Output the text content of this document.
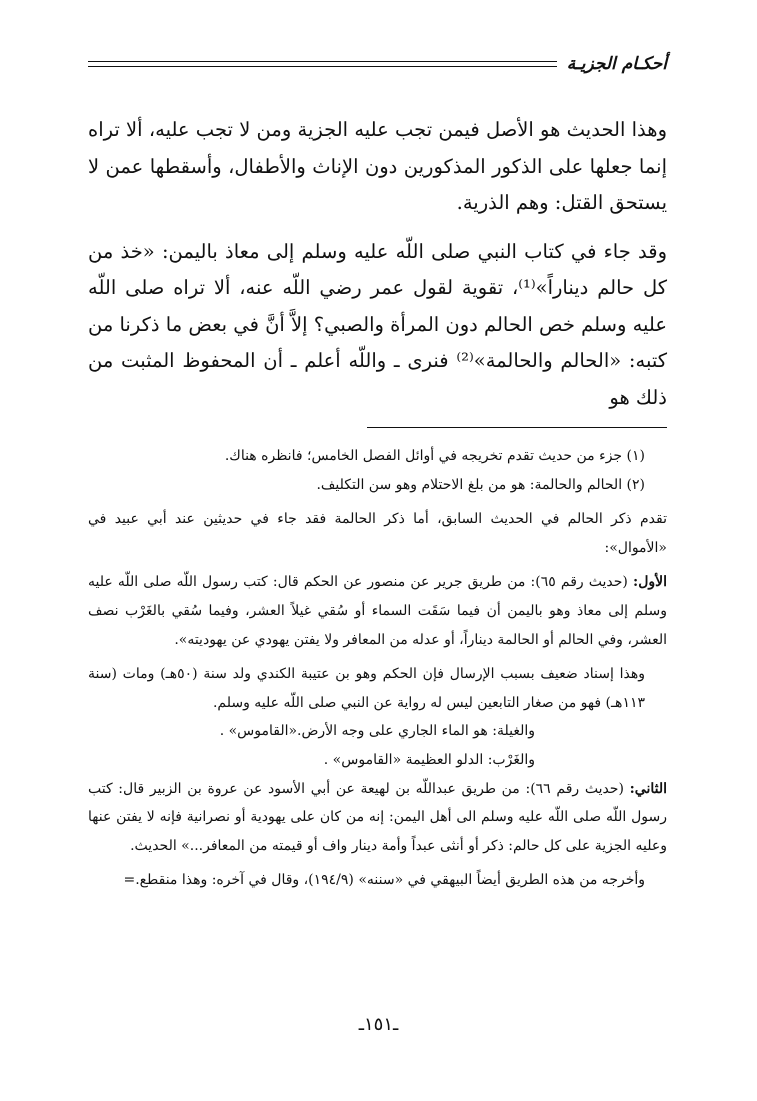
أحكـام الجزيـة

وهذا الحديث هو الأصل فيمن تجب عليه الجزية ومن لا تجب عليه، ألا تراه إنما جعلها على الذكور المذكورين دون الإناث والأطفال، وأسقطها عمن لا يستحق القتل: وهم الذرية.

وقد جاء في كتاب النبي صلى اللّه عليه وسلم إلى معاذ باليمن: «خذ من كل حالم ديناراً»⁽¹⁾، تقوية لقول عمر رضي اللّه عنه، ألا تراه صلى اللّه عليه وسلم خص الحالم دون المرأة والصبي؟ إلاَّ أنَّ في بعض ما ذكرنا من كتبه: «الحالم والحالمة»⁽²⁾ فنرى ـ واللّه أعلم ـ أن المحفوظ المثبت من ذلك هو

(١) جزء من حديث تقدم تخريجه في أوائل الفصل الخامس؛ فانظره هناك.

(٢) الحالم والحالمة: هو من بلغ الاحتلام وهو سن التكليف.

تقدم ذكر الحالم في الحديث السابق، أما ذكر الحالمة فقد جاء في حديثين عند أبي عبيد في «الأموال»:

الأول: (حديث رقم ٦٥): من طريق جرير عن منصور عن الحكم قال: كتب رسول اللّه صلى اللّه عليه وسلم إلى معاذ وهو باليمن أن فيما سَقَت السماء أو سُقي غيلاً العشر، وفيما سُقي بالغَرْب نصف العشر، وفي الحالم أو الحالمة ديناراً، أو عدله من المعافر ولا يفتن يهودي عن يهوديته».

وهذا إسناد ضعيف بسبب الإرسال فإن الحكم وهو بن عتيبة الكندي ولد سنة (٥٠هـ) ومات (سنة ١١٣هـ) فهو من صغار التابعين ليس له رواية عن النبي صلى اللّه عليه وسلم.

والغيلة: هو الماء الجاري على وجه الأرض.«القاموس» .

والغَرْب: الدلو العظيمة «القاموس» .

الثاني: (حديث رقم ٦٦): من طريق عبداللّه بن لهيعة عن أبي الأسود عن عروة بن الزبير قال: كتب رسول اللّه صلى اللّه عليه وسلم الى أهل اليمن: إنه من كان على يهودية أو نصرانية فإنه لا يفتن عنها وعليه الجزية على كل حالم: ذكر أو أنثى عبداً وأمة دينار واف أو قيمته من المعافر...» الحديث.

وأخرجه من هذه الطريق أيضاً البيهقي في «سننه» (١٩٤/٩)، وقال في آخره: وهذا منقطع.=

ـ١٥١ـ
